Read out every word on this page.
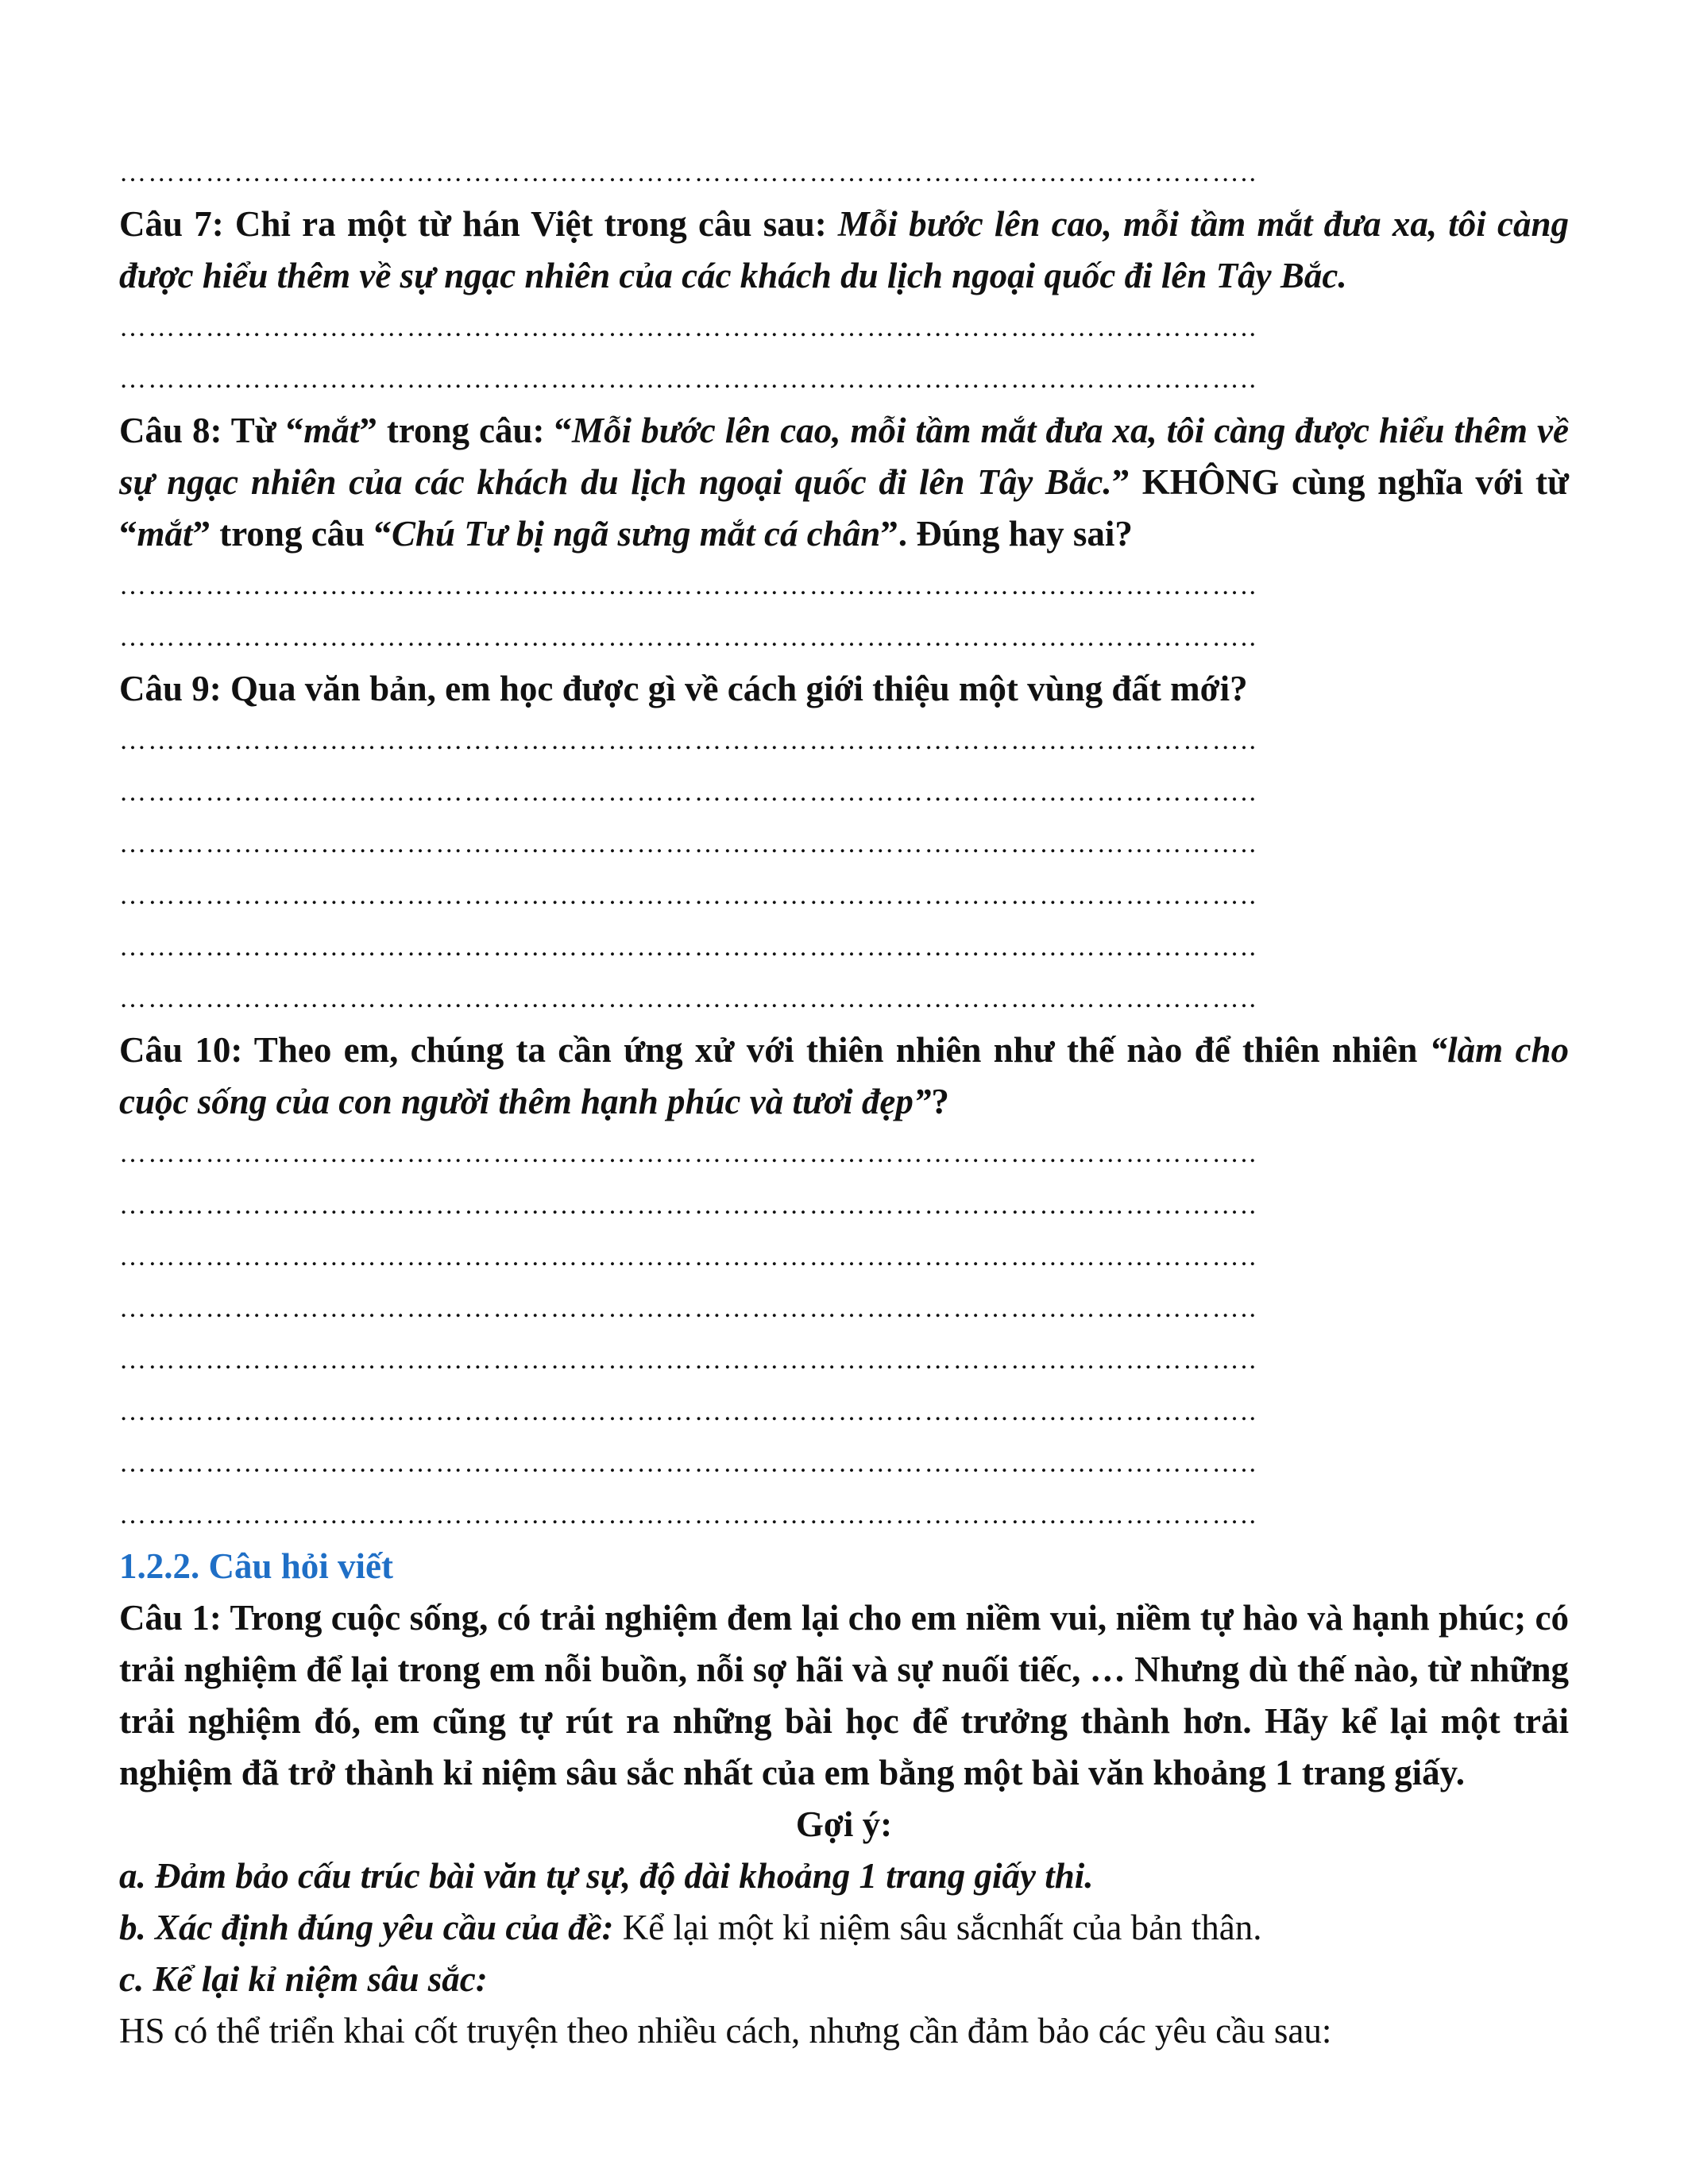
………………………………………………………………………………………………………..
Câu 7: Chỉ ra một từ hán Việt trong câu sau: Mỗi bước lên cao, mỗi tầm mắt đưa xa, tôi càng được hiểu thêm về sự ngạc nhiên của các khách du lịch ngoại quốc đi lên Tây Bắc.
………………………………………………………………………………………………………..
………………………………………………………………………………………………………..
Câu 8: Từ “mắt” trong câu: “Mỗi bước lên cao, mỗi tầm mắt đưa xa, tôi càng được hiểu thêm về sự ngạc nhiên của các khách du lịch ngoại quốc đi lên Tây Bắc.” KHÔNG cùng nghĩa với từ “mắt” trong câu “Chú Tư bị ngã sưng mắt cá chân”. Đúng hay sai?
………………………………………………………………………………………………………..
………………………………………………………………………………………………………..
Câu 9: Qua văn bản, em học được gì về cách giới thiệu một vùng đất mới?
………………………………………………………………………………………………………..
………………………………………………………………………………………………………..
………………………………………………………………………………………………………..
………………………………………………………………………………………………………..
………………………………………………………………………………………………………..
………………………………………………………………………………………………………..
Câu 10: Theo em, chúng ta cần ứng xử với thiên nhiên như thế nào để thiên nhiên “làm cho cuộc sống của con người thêm hạnh phúc và tươi đẹp”?
………………………………………………………………………………………………………..
………………………………………………………………………………………………………..
………………………………………………………………………………………………………..
………………………………………………………………………………………………………..
………………………………………………………………………………………………………..
………………………………………………………………………………………………………..
………………………………………………………………………………………………………..
………………………………………………………………………………………………………..
1.2.2. Câu hỏi viết
Câu 1: Trong cuộc sống, có trải nghiệm đem lại cho em niềm vui, niềm tự hào và hạnh phúc; có trải nghiệm để lại trong em nỗi buồn, nỗi sợ hãi và sự nuối tiếc, … Nhưng dù thế nào, từ những trải nghiệm đó, em cũng tự rút ra những bài học để trưởng thành hơn. Hãy kể lại một trải nghiệm đã trở thành kỉ niệm sâu sắc nhất của em bằng một bài văn khoảng 1 trang giấy.
Gợi ý:
a. Đảm bảo cấu trúc bài văn tự sự, độ dài khoảng 1 trang giấy thi.
b. Xác định đúng yêu cầu của đề: Kể lại một kỉ niệm sâu sắcnhất của bản thân.
c. Kể lại kỉ niệm sâu sắc:
HS có thể triển khai cốt truyện theo nhiều cách, nhưng cần đảm bảo các yêu cầu sau:
